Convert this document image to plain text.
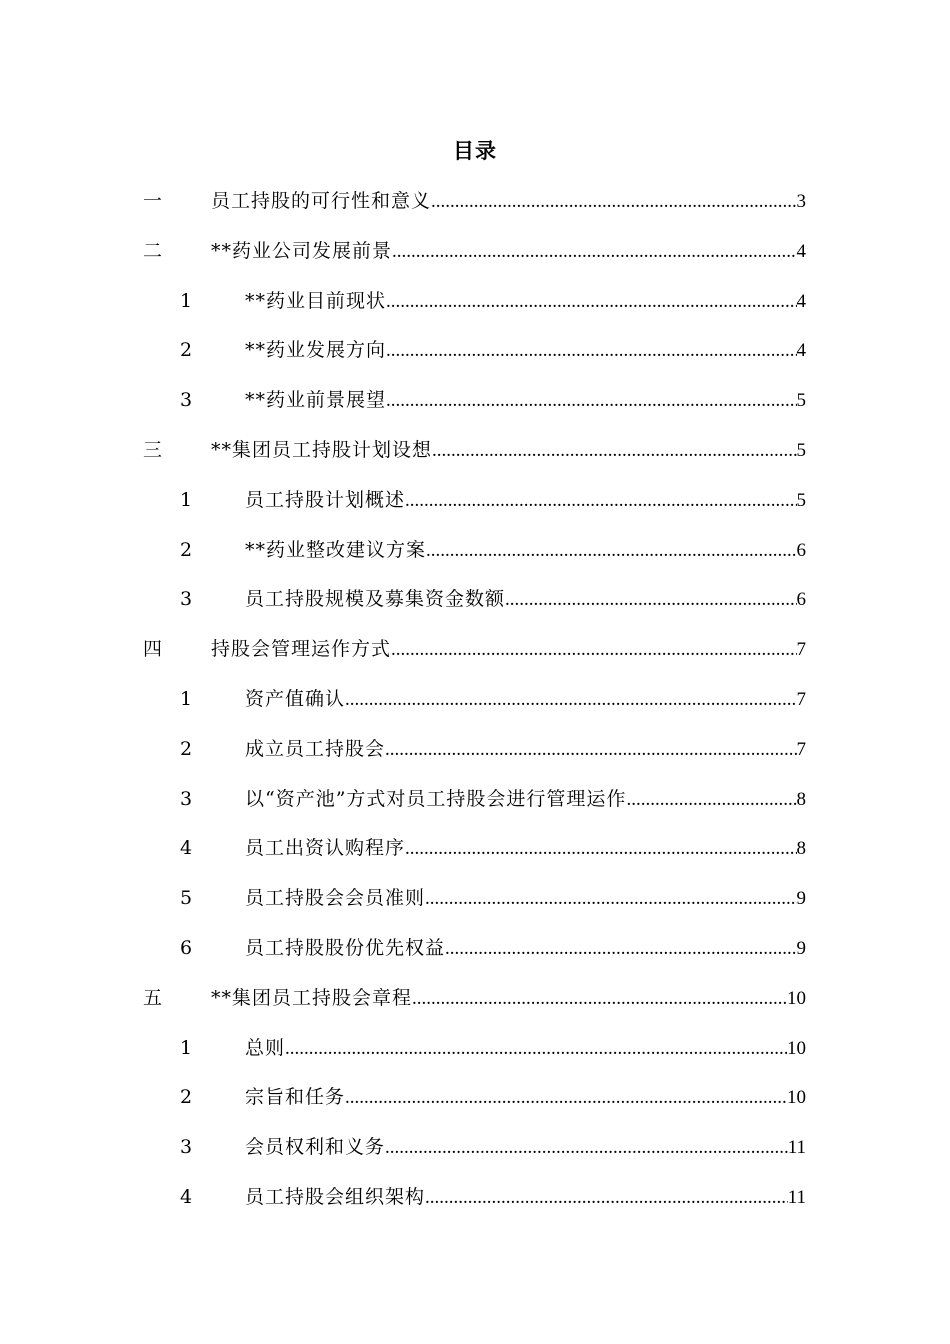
目录
一	员工持股的可行性和意义 .....	3
二	**药业公司发展前景 .....	4
1	**药业目前现状 .....	4
2	**药业发展方向 .....	4
3	**药业前景展望 .....	5
三	**集团员工持股计划设想 .....	5
1	员工持股计划概述 .....	5
2	**药业整改建议方案 .....	6
3	员工持股规模及募集资金数额 .....	6
四	持股会管理运作方式 .....	7
1	资产值确认 .....	7
2	成立员工持股会 .....	7
3	以“资产池”方式对员工持股会进行管理运作 .....	8
4	员工出资认购程序 .....	8
5	员工持股会会员准则 .....	9
6	员工持股股份优先权益 .....	9
五	**集团员工持股会章程 .....	10
1	总则 .....	10
2	宗旨和任务 .....	10
3	会员权利和义务 .....	11
4	员工持股会组织架构 .....	11
